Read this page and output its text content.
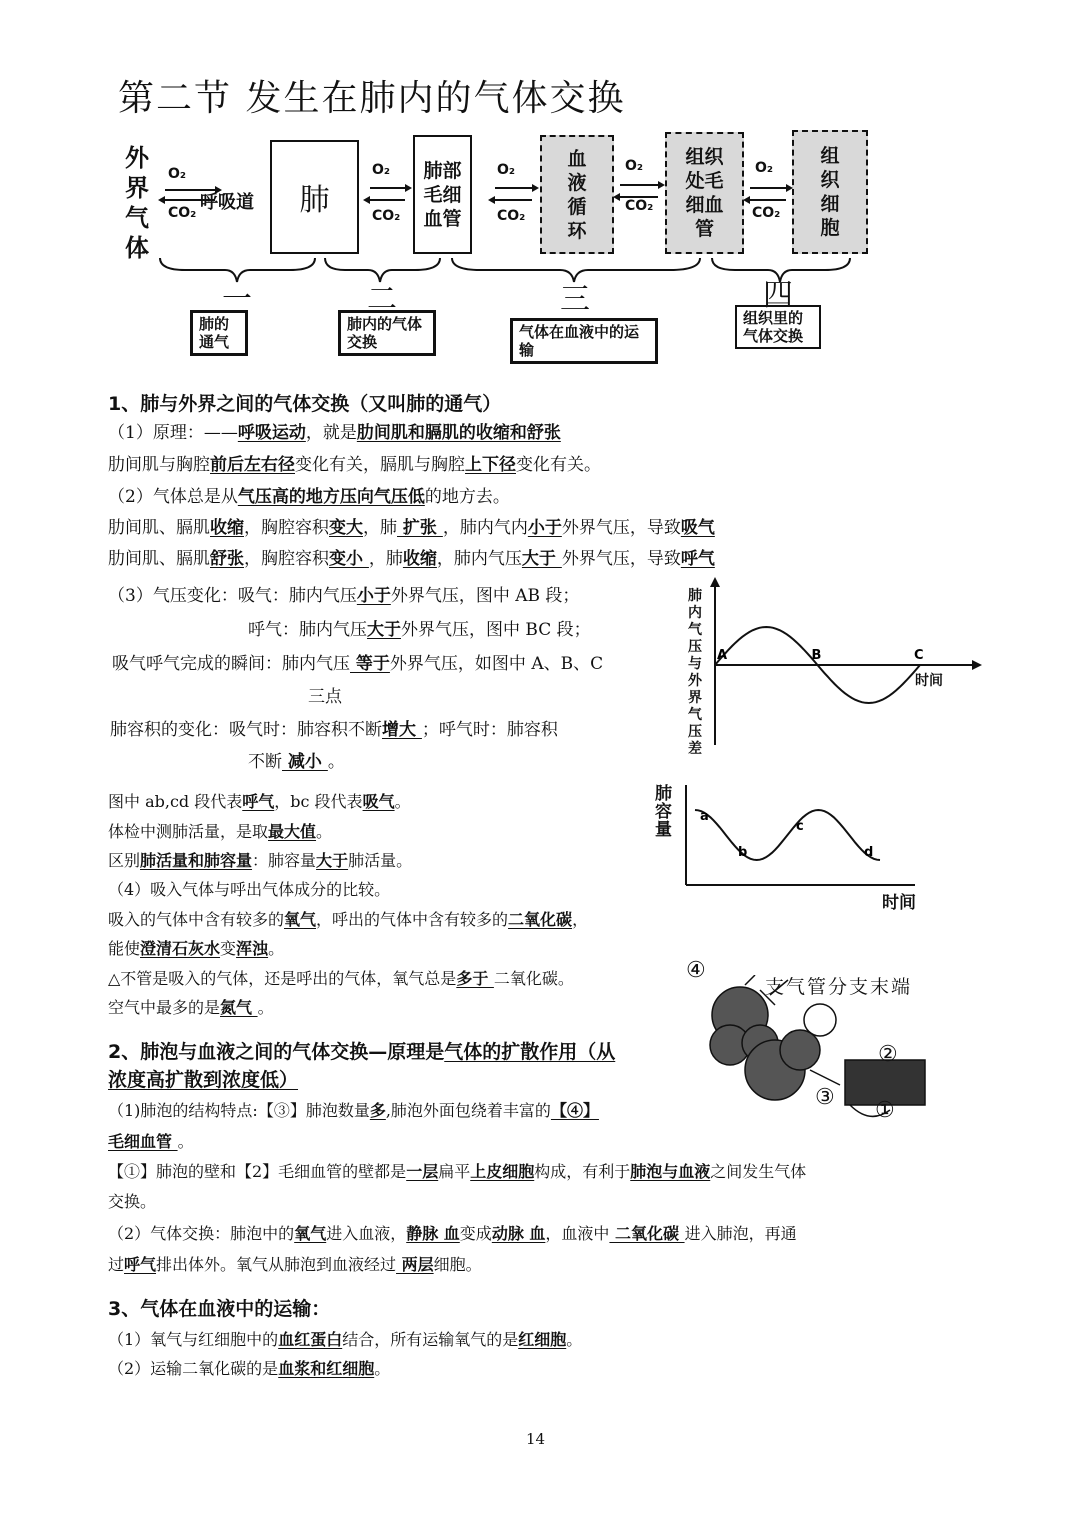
第二节 发生在肺内的气体交换
外界气体
O₂
CO₂ 呼吸道 肺
O₂
CO₂
肺部毛细血管
O₂
CO₂
血液循环
O₂
CO₂
组织处毛细血管
O₂
CO₂
组织细胞
一	二	三	四
肺的通气
肺内的气体交换
气体在血液中的运输
组织里的气体交换
1、肺与外界之间的气体交换（又叫肺的通气）
（1）原理：——呼吸运动，就是肋间肌和膈肌的收缩和舒张
肋间肌与胸腔前后左右径变化有关，膈肌与胸腔上下径变化有关。
（2）气体总是从气压高的地方压向气压低的地方去。
肋间肌、膈肌收缩，胸腔容积变大，肺 扩张 ，肺内气内小于外界气压，导致吸气
肋间肌、膈肌舒张，胸腔容积变小 ，肺收缩，肺内气压大于 外界气压，导致呼气
（3）气压变化：吸气：肺内气压小于外界气压，图中 AB 段；
呼气：肺内气压大于外界气压，图中 BC 段；
吸气呼气完成的瞬间：肺内气压 等于外界气压，如图中 A、B、C
三点
肺容积的变化：吸气时：肺容积不断增大 ；呼气时：肺容积
不断 减小 。
图中 ab,cd 段代表呼气，bc 段代表吸气。
体检中测肺活量，是取最大值。
区别肺活量和肺容量：肺容量大于肺活量。
（4）吸入气体与呼出气体成分的比较。
吸入的气体中含有较多的氧气，呼出的气体中含有较多的二氧化碳，
能使澄清石灰水变浑浊。
△不管是吸入的气体，还是呼出的气体，氧气总是多于 二氧化碳。
空气中最多的是氮气 。
肺内气压与外界气压差
A	B	C
时间
肺容量
a
b
c
d
时间
④
支气管分支末端
②
③
①
2、肺泡与血液之间的气体交换—原理是气体的扩散作用（从
浓度高扩散到浓度低）
（1)肺泡的结构特点:【③】肺泡数量多,肺泡外面包绕着丰富的【④】
毛细血管 。
【①】肺泡的壁和【2】毛细血管的壁都是一层扁平上皮细胞构成，有利于肺泡与血液之间发生气体
交换。
（2）气体交换：肺泡中的氧气进入血液，静脉 血变成动脉 血，血液中 二氧化碳 进入肺泡，再通
过呼气排出体外。氧气从肺泡到血液经过 两层细胞。
3、气体在血液中的运输：
（1）氧气与红细胞中的血红蛋白结合，所有运输氧气的是红细胞。
（2）运输二氧化碳的是血浆和红细胞。
14
